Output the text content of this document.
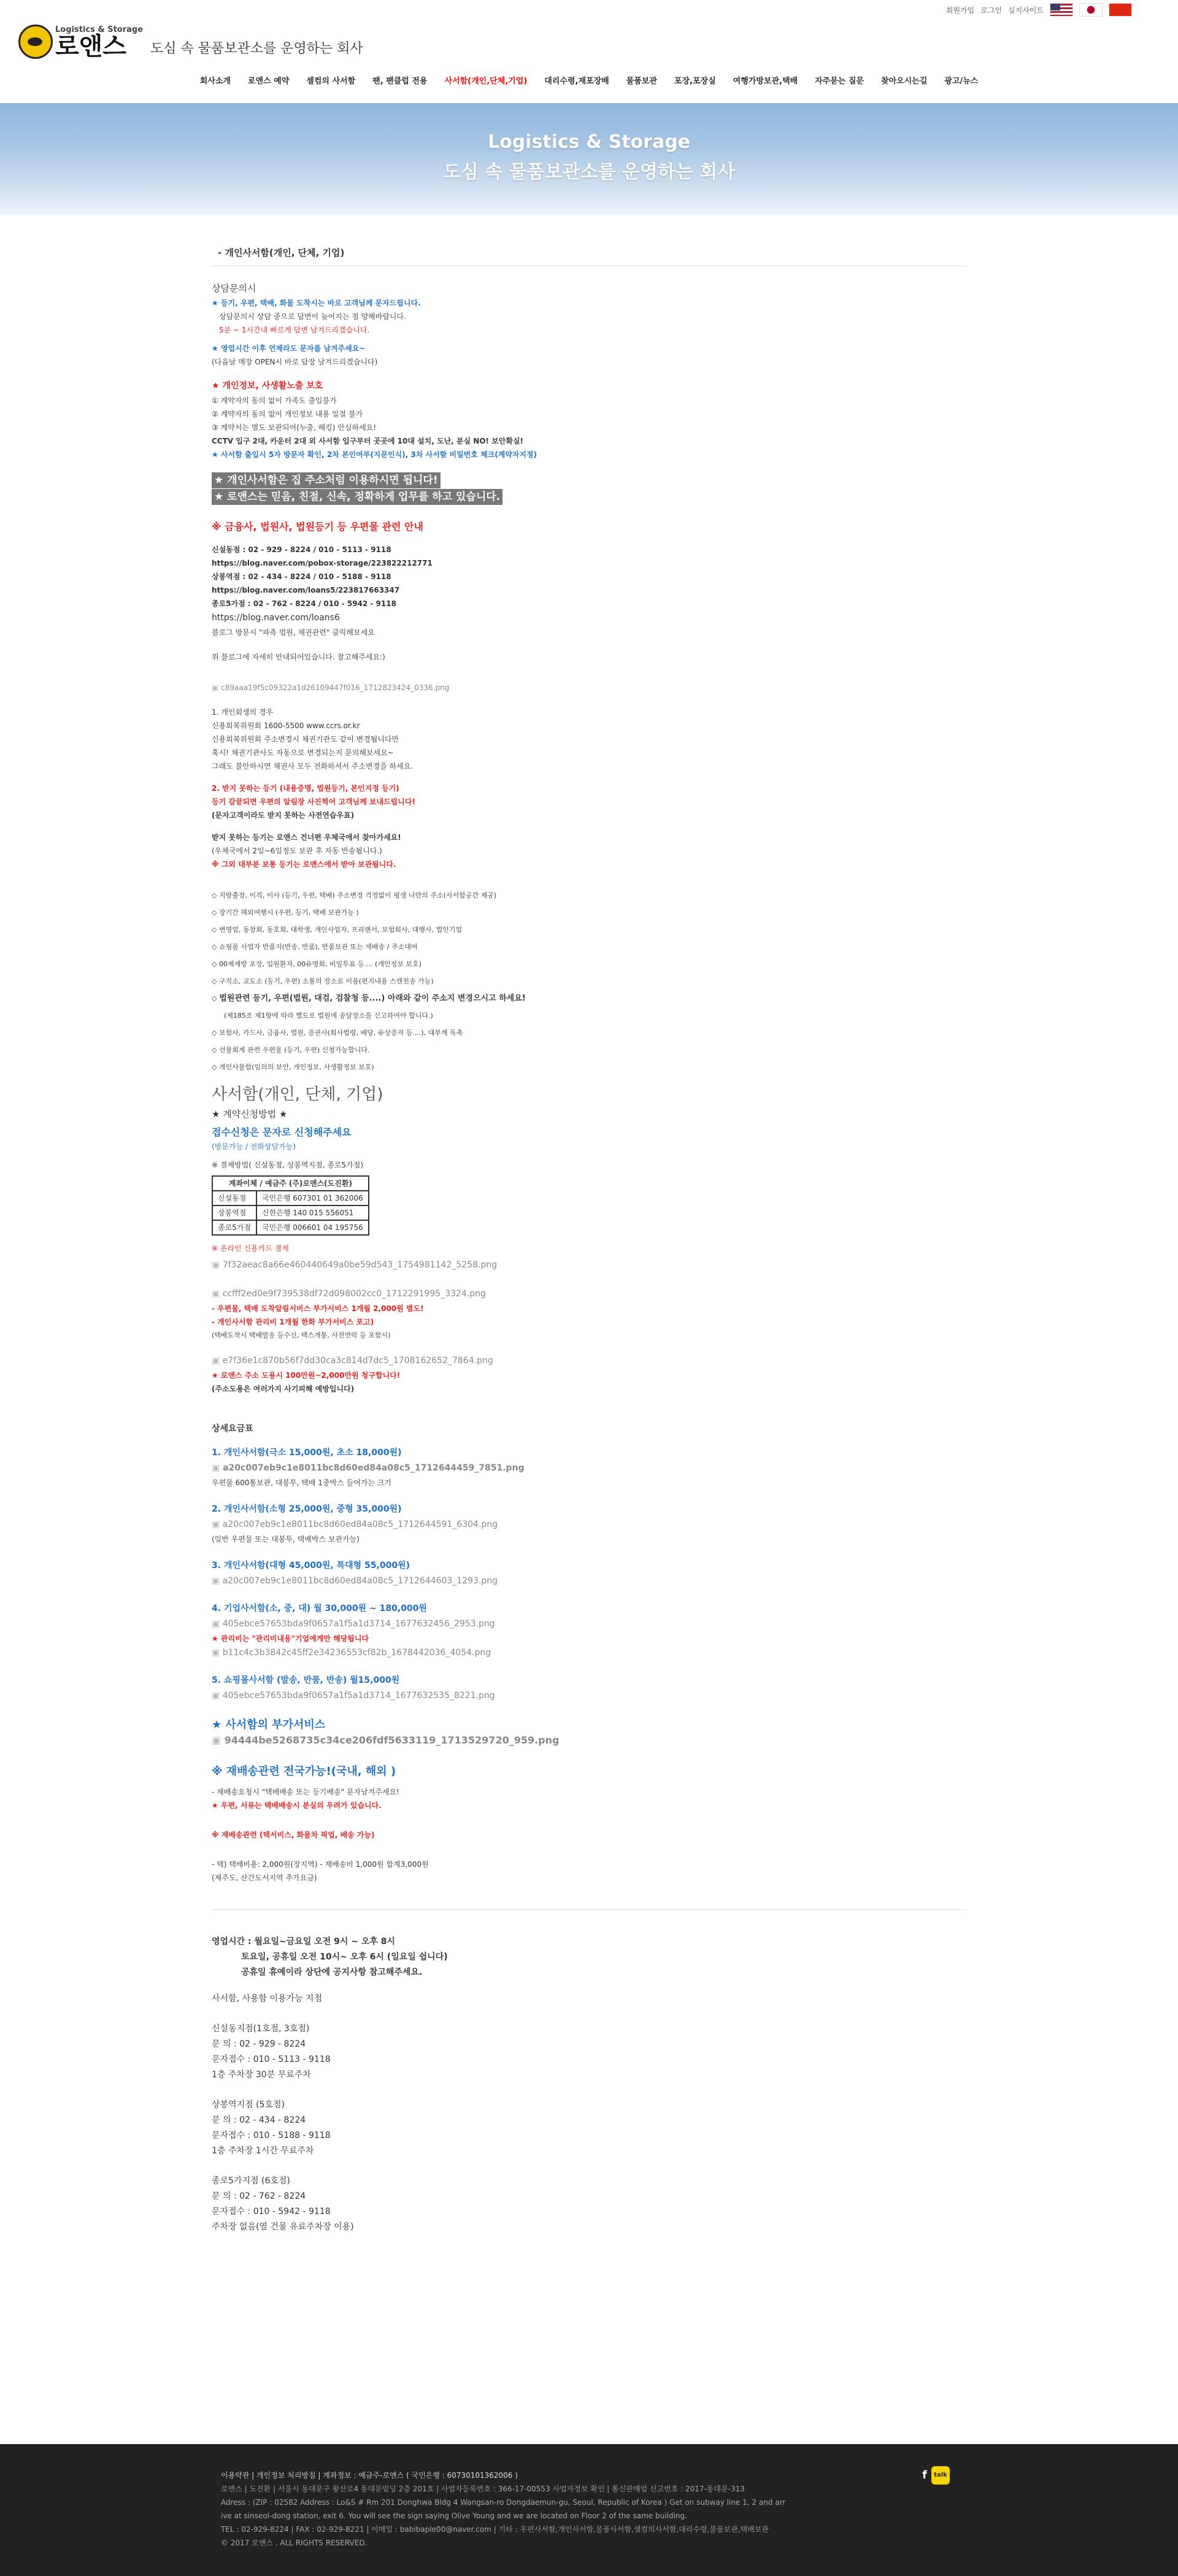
회원가입 로그인 실지사이트
Logistics & Storage
로앤스	도심 속 물품보관소를 운영하는 회사
회사소개	로앤스 예약	셀컴의 사서함	팬, 팬클럽 전용	사서함(개인,단체,기업)	대리수령,재포장배	물품보관	포장,포장실	여행가방보관,택배	자주묻는 질문	찾아오시는길	광고/뉴스
Logistics & Storage
도심 속 물품보관소를 운영하는 회사
- 개인사서함(개인, 단체, 기업)
상담문의시
★ 등기, 우편, 택배, 화물 도착시는 바로 고객님께 문자드립니다.
상담문의시 상담 중으로 답변이 늦어지는 점 양해바랍니다.
5분 ~ 1시간내 빠르게 답변 남겨드리겠습니다.
★ 영업시간 이후 언제라도 문자를 남겨주세요~
(다음날 매장 OPEN시 바로 답장 남겨드리겠습니다)
★ 개인정보, 사생활노출 보호
① 계약자의 동의 없이 가족도 출입불가
② 계약자의 동의 없이 개인정보 내용 일절 불가
③ 계약서는 별도 보관되어(누출, 해킹) 안심하세요!
CCTV 입구 2대, 카운터 2대 외 사서함 입구부터 곳곳에 10대 설치, 도난, 분실 NO! 보안확실!
★ 사서함 출입시 5자 방문자 확인, 2차 본인여부(지문인식), 3차 사서함 비밀번호 체크(계약자지정)
★ 개인사서함은 집 주소처럼 이용하시면 됩니다!
★ 로앤스는 믿음, 친절, 신속, 정확하게 업무를 하고 있습니다.
※ 금융사, 법원사, 법원등기 등 우편물 관련 안내
신설동점 : 02 - 929 - 8224 / 010 - 5113 - 9118
https://blog.naver.com/pobox-storage/223822212771
상봉역점 : 02 - 434 - 8224 / 010 - 5188 - 9118
https://blog.naver.com/loans5/223817663347
종로5가점 : 02 - 762 - 8224 / 010 - 5942 - 9118
https://blog.naver.com/loans6
블로그 방문시 "파측 법원, 채권관련" 클릭해보세요
위 블로그에 자세히 안내되어있습니다. 참고해주세요:)
▣ c89aaa19f5c09322a1d26109447f016_1712823424_0336.png
1. 개인회생의 경우
신용회복위원회 1600-5500 www.ccrs.or.kr
신용회복위원회 주소변경시 채권기관도 같이 변경됩니다만
혹시! 채권기관사도 자동으로 변경되는지 문의해보세요~
그래도 불안하시면 채권사 모두 전화하셔서 주소변경을 하세요.
2. 받지 못하는 등기 (내용증명, 법원등기, 본인지정 등기)
등기 갈끝되면 우편의 알림장 사진찍어 고객님께 보내드립니다!
(문자고객이라도 받지 못하는 사전연습우표)
받지 못하는 등기는 로앤스 건너편 우체국에서 찾아가세요!
(우체국에서 2일~6일정도 보관 후 자동 반송됩니다.)
※ 그외 대부분 보통 등기는 로앤스에서 받아 보관됩니다.
◇ 지방출장, 이직, 이사 (등기, 우편, 택배) 주소변경 걱정없이 평생 나만의 주소(사서함공간 제공)
◇ 장기간 해외여행시 (우편, 등기, 택배 보관가능 )
◇ 변영업, 동창회, 동호회, 대학생, 개인사업자, 프리랜서, 보험회사, 대행사, 법인기업
◇ 쇼핑몰 사업자 반품지(반송, 반품), 반품보관 또는 재배송 / 주소대여
◇ 00제재방 포장, 입원환자, 00유명회, 비밀투표 등.... (개인정보 보호)
◇ 구직소, 교도소 (등기, 우편) 소통의 장소로 이용(편지내용 스캔전송 가능)
◇ 법원관련 등기, 우편(법원, 대검, 검찰청 등....) 아래와 같이 주소지 변경으시고 하세요!
(제185조 제1항에 따라 별도로 법원에 송달장소를 신고하여야 합니다.)
◇ 보험사, 카드사, 금융사, 법원, 증권사(회사법령, 배당, 유상증자 등....), 대부계 독촉
◇ 선물회계 관련 우편물 (등기, 우편) 신청가능합니다.
◇ 개인사물함(임의의 보안, 개인정보, 사생활정보 보호)
사서함(개인, 단체, 기업)
★ 계약신청방법 ★
접수신청은 문자로 신청해주세요
(방문가능 / 전화상담가능)
※ 결제방법( 신설동점, 상봉역지점, 종로5가점)
계좌이체 / 예금주 (주)로앤스(도진환)	
신설동점	국민은행 607301 01 362006
상봉역점	신한은행 140 015 556051
종로5가점	국민은행 006601 04 195756
※ 온라인 신용카드 결제
▣ 7f32aeac8a66e460440649a0be59d543_1754981142_5258.png
▣ ccfff2ed0e9f739538df72d098002cc0_1712291995_3324.png
- 우편물, 택배 도착알림서비스 부가서비스 1개월 2,000원 별도!
- 개인사서함 관리비 1개월 한화 부가서비스 포고)
(택배도착시 택배발송 등수신, 택스개통, 사전연락 등 포함시)
▣ e7f36e1c870b56f7dd30ca3c814d7dc5_1708162652_7864.png
★ 로앤스 주소 도용시 100만원~2,000만원 청구합니다!
(주소도용은 여러가지 사기피해 예방입니다)
상세요금표
1. 개인사서함(극소 15,000원, 초소 18,000원)
▣ a20c007eb9c1e8011bc8d60ed84a08c5_1712644459_7851.png
우편물 600통보관, 대봉투, 택배 1중박스 들어가는 크기
2. 개인사서함(소형 25,000원, 중형 35,000원)
▣ a20c007eb9c1e8011bc8d60ed84a08c5_1712644591_6304.png
(일반 우편물 또는 대봉투, 택배박스 보관가능)
3. 개인사서함(대형 45,000원, 특대형 55,000원)
▣ a20c007eb9c1e8011bc8d60ed84a08c5_1712644603_1293.png
4. 기업사서함(소, 중, 대) 월 30,000원 ~ 180,000원
▣ 405ebce57653bda9f0657a1f5a1d3714_1677632456_2953.png
★ 관리비는 "관리비내용"기업에게만 해당됩니다
▣ b11c4c3b3842c45ff2e34236553cf82b_1678442036_4054.png
5. 쇼핑몰사서함 (발송, 반품, 반송) 월15,000원
▣ 405ebce57653bda9f0657a1f5a1d3714_1677632535_8221.png
★ 사서함의 부가서비스
▣ 94444be5268735c34ce206fdf5633119_1713529720_959.png
※ 재배송관련 전국가능!(국내, 해외 )
- 재배송요청시 "택배배송 또는 등기배송" 문자남겨주세요!
★ 우편, 서류는 택배배송시 분실의 우려가 있습니다.
※ 재배송관련 (택서비스, 화물차 픽업, 배송 가능)
- 택) 택배비용: 2,000원(장지역) - 재배송비 1,000원 합계3,000원
(제주도, 산간도서지역 추가요금)
영업시간 : 월요일~금요일 오전 9시 ~ 오후 8시
토요일, 공휴일 오전 10시~ 오후 6시 (일요일 쉽니다)
공휴일 휴예이라 상단에 공지사항 참고해주세요.
사서함, 사용함 이용가능 지점
신설동지점(1호점, 3호점)
문 의 : 02 - 929 - 8224
문자접수 : 010 - 5113 - 9118
1층 주차장 30분 무료주차
상봉역지점 (5호점)
문 의 : 02 - 434 - 8224
문자접수 : 010 - 5188 - 9118
1층 주차장 1시간 무료주차
종로5가지점 (6호점)
문 의 : 02 - 762 - 8224
문자접수 : 010 - 5942 - 9118
주차장 없음(옆 건물 유료주차장 이용)
이용약관 | 개인정보 처리방침 | 계좌정보 : 예금주-로앤스 ( 국민은행 : 60730101362006 )
로앤스 | 도진환 | 서울시 동대문구 왕산로4 동대문빌딩 2층 201호 | 사업자등록번호 : 366-17-00553 사업자정보 확인 | 통신판매업 신고번호 : 2017-동대문-313
Adress : (ZIP : 02582 Address : Lo&S # Rm 201 Donghwa Bldg 4 Wangsan-ro Dongdaemun-gu, Seoul, Republic of Korea ) Get on subway line 1, 2 and arr
ive at sinseol-dong station, exit 6. You will see the sign saying Olive Young and we are located on Floor 2 of the same building.
TEL : 02-929-8224 | FAX : 02-929-8221 | 이메일 : babibaple00@naver.com | 기타 : 우편사서함,개인사서함,물품사서함,셀컴의사서함,대리수령,물품보관,택배보관
© 2017 로앤스 . ALL RIGHTS RESERVED.
f	talk
